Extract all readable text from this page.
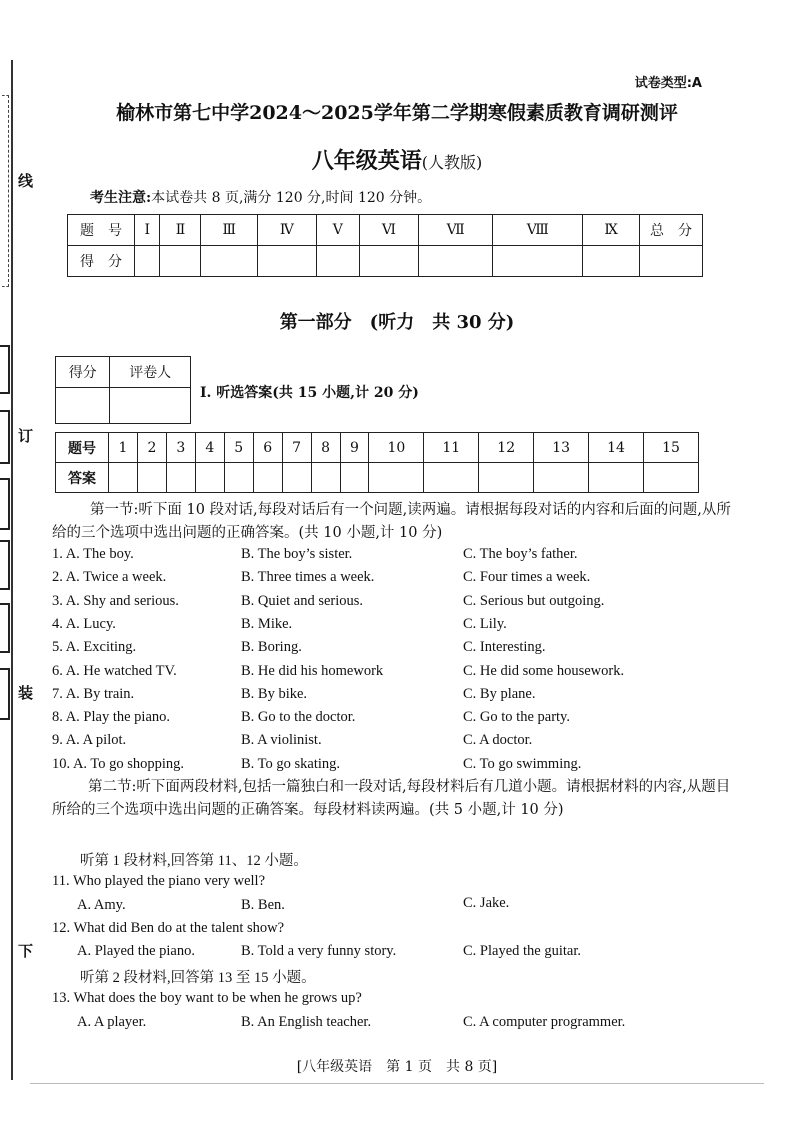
线
订
装
下
试卷类型:A
榆林市第七中学2024～2025学年第二学期寒假素质教育调研测评
八年级英语(人教版)
考生注意:本试卷共 8 页,满分 120 分,时间 120 分钟。
题　号	Ⅰ	Ⅱ	Ⅲ	Ⅳ	Ⅴ	Ⅵ	Ⅶ	Ⅷ	Ⅸ	总　分
得　分										
第一部分　(听力　共 30 分)
得分	评卷人

Ⅰ. 听选答案(共 15 小题,计 20 分)
题号	1	2	3	4	5	6	7	8	9	10	11	12	13	14	15
答案															
第一节:听下面 10 段对话,每段对话后有一个问题,读两遍。请根据每段对话的内容和后面的问题,从所给的三个选项中选出问题的正确答案。(共 10 小题,计 10 分)
1. A. The boy.	B. The boy’s sister.	C. The boy’s father.
2. A. Twice a week.	B. Three times a week.	C. Four times a week.
3. A. Shy and serious.	B. Quiet and serious.	C. Serious but outgoing.
4. A. Lucy.	B. Mike.	C. Lily.
5. A. Exciting.	B. Boring.	C. Interesting.
6. A. He watched TV.	B. He did his homework	C. He did some housework.
7. A. By train.	B. By bike.	C. By plane.
8. A. Play the piano.	B. Go to the doctor.	C. Go to the party.
9. A. A pilot.	B. A violinist.	C. A doctor.
10. A. To go shopping.	B. To go skating.	C. To go swimming.
第二节:听下面两段材料,包括一篇独白和一段对话,每段材料后有几道小题。请根据材料的内容,从题目所给的三个选项中选出问题的正确答案。每段材料读两遍。(共 5 小题,计 10 分)
听第 1 段材料,回答第 11、12 小题。
11. Who played the piano very well?
A. Amy.	B. Ben.	C. Jake.
12. What did Ben do at the talent show?
A. Played the piano.	B. Told a very funny story.	C. Played the guitar.
听第 2 段材料,回答第 13 至 15 小题。
13. What does the boy want to be when he grows up?
A. A player.	B. An English teacher.	C. A computer programmer.
[八年级英语　第 1 页　共 8 页]
